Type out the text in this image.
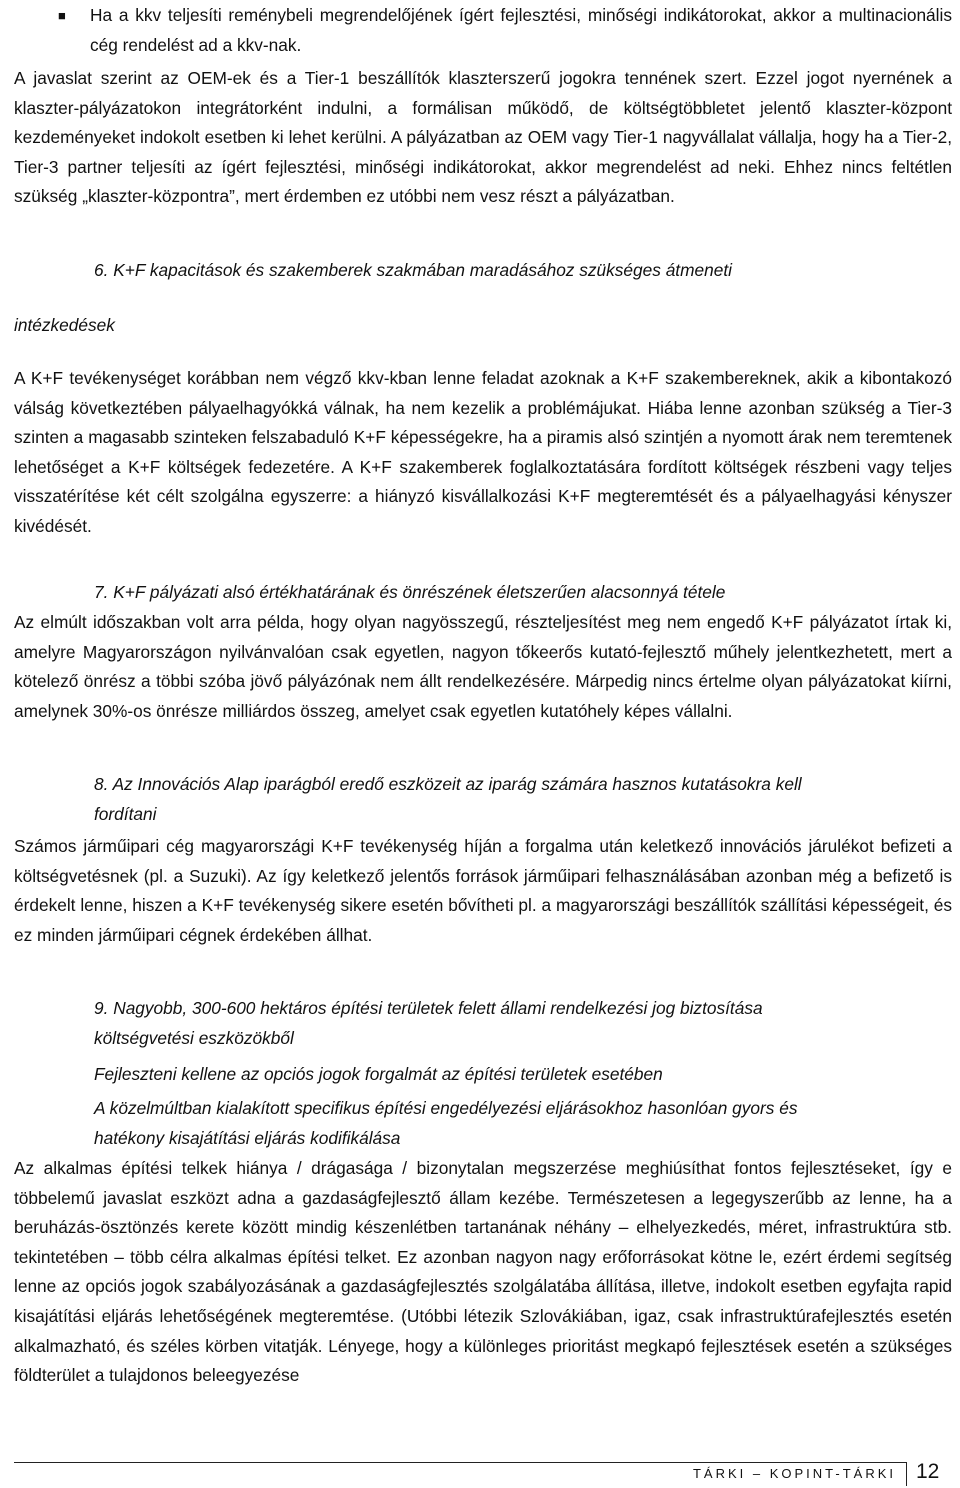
■ Ha a kkv teljesíti reménybeli megrendelőjének ígért fejlesztési, minőségi indikátorokat, akkor a multinacionális cég rendelést ad a kkv-nak.

A javaslat szerint az OEM-ek és a Tier-1 beszállítók klaszterszerű jogokra tennének szert. Ezzel jogot nyernének a klaszter-pályázatokon integrátorként indulni, a formálisan működő, de költségtöbbletet jelentő klaszter-központ kezdeményeket indokolt esetben ki lehet kerülni. A pályázatban az OEM vagy Tier-1 nagyvállalat vállalja, hogy ha a Tier-2, Tier-3 partner teljesíti az ígért fejlesztési, minőségi indikátorokat, akkor megrendelést ad neki. Ehhez nincs feltétlen szükség „klaszter-központra”, mert érdemben ez utóbbi nem vesz részt a pályázatban.

6. K+F kapacitások és szakemberek szakmában maradásához szükséges átmeneti

intézkedések

A K+F tevékenységet korábban nem végző kkv-kban lenne feladat azoknak a K+F szakembereknek, akik a kibontakozó válság következtében pályaelhagyókká válnak, ha nem kezelik a problémájukat. Hiába lenne azonban szükség a Tier-3 szinten a magasabb szinteken felszabaduló K+F képességekre, ha a piramis alsó szintjén a nyomott árak nem teremtenek lehetőséget a K+F költségek fedezetére. A K+F szakemberek foglalkoztatására fordított költségek részbeni vagy teljes visszatérítése két célt szolgálna egyszerre: a hiányzó kisvállalkozási K+F megteremtését és a pályaelhagyási kényszer kivédését.

7. K+F pályázati alsó értékhatárának és önrészének életszerűen alacsonnyá tétele

Az elmúlt időszakban volt arra példa, hogy olyan nagyösszegű, részteljesítést meg nem engedő K+F pályázatot írtak ki, amelyre Magyarországon nyilvánvalóan csak egyetlen, nagyon tőkeerős kutató-fejlesztő műhely jelentkezhetett, mert a kötelező önrész a többi szóba jövő pályázónak nem állt rendelkezésére. Márpedig nincs értelme olyan pályázatokat kiírni, amelynek 30%-os önrésze milliárdos összeg, amelyet csak egyetlen kutatóhely képes vállalni.

8. Az Innovációs Alap iparágból eredő eszközeit az iparág számára hasznos kutatásokra kell

fordítani

Számos járműipari cég magyarországi K+F tevékenység híján a forgalma után keletkező innovációs járulékot befizeti a költségvetésnek (pl. a Suzuki). Az így keletkező jelentős források járműipari felhasználásában azonban még a befizető is érdekelt lenne, hiszen a K+F tevékenység sikere esetén bővítheti pl. a magyarországi beszállítók szállítási képességeit, és ez minden járműipari cégnek érdekében állhat.

9. Nagyobb, 300-600 hektáros építési területek felett állami rendelkezési jog biztosítása

költségvetési eszközökből

Fejleszteni kellene az opciós jogok forgalmát az építési területek esetében

A közelmúltban kialakított specifikus építési engedélyezési eljárásokhoz hasonlóan gyors és

hatékony kisajátítási eljárás kodifikálása

Az alkalmas építési telkek hiánya / drágasága / bizonytalan megszerzése meghiúsíthat fontos fejlesztéseket, így e többelemű javaslat eszközt adna a gazdaságfejlesztő állam kezébe. Természetesen a legegyszerűbb az lenne, ha a beruházás-ösztönzés kerete között mindig készenlétben tartanának néhány – elhelyezkedés, méret, infrastruktúra stb. tekintetében – több célra alkalmas építési telket. Ez azonban nagyon nagy erőforrásokat kötne le, ezért érdemi segítség lenne az opciós jogok szabályozásának a gazdaságfejlesztés szolgálatába állítása, illetve, indokolt esetben egyfajta rapid kisajátítási eljárás lehetőségének megteremtése. (Utóbbi létezik Szlovákiában, igaz, csak infrastruktúrafejlesztés esetén alkalmazható, és széles körben vitatják. Lényege, hogy a különleges prioritást megkapó fejlesztések esetén a szükséges földterület a tulajdonos beleegyezése

TÁRKI – KOPINT-TÁRKI 12
